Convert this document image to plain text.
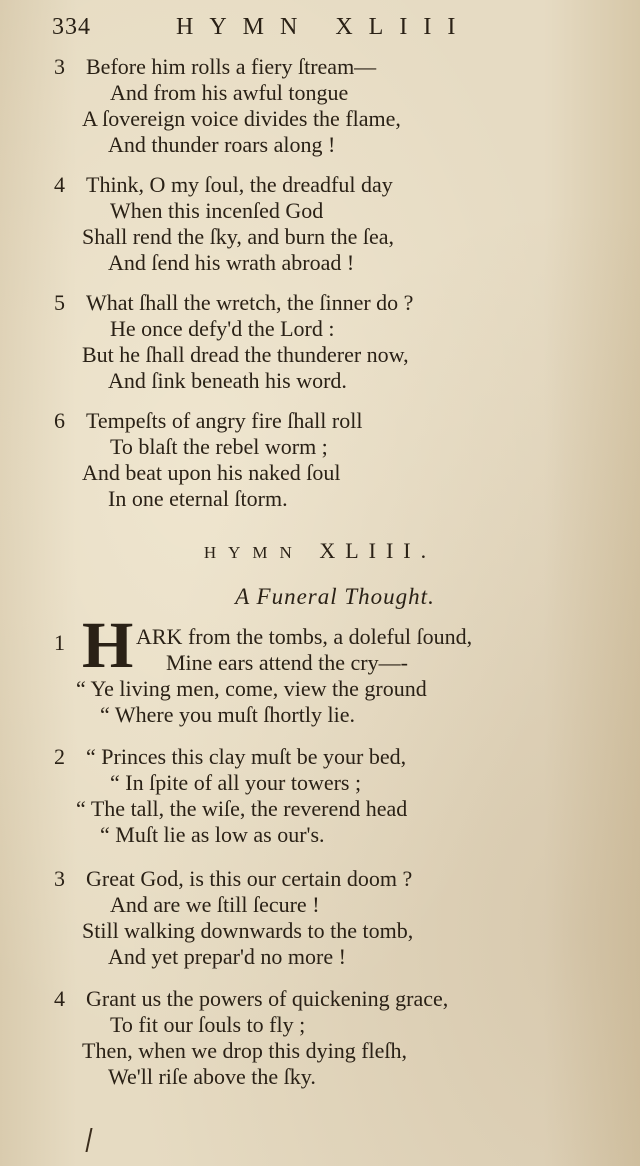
334	HYMN XLIII
3 Before him rolls a fiery ſtream—
And from his awful tongue
A ſovereign voice divides the flame,
And thunder roars along !
4 Think, O my ſoul, the dreadful day
When this incenſed God
Shall rend the ſky, and burn the ſea,
And ſend his wrath abroad !
5 What ſhall the wretch, the ſinner do ?
He once defy'd the Lord :
But he ſhall dread the thunderer now,
And ſink beneath his word.
6 Tempeſts of angry fire ſhall roll
To blaſt the rebel worm ;
And beat upon his naked ſoul
In one eternal ſtorm.
HYMN XLIII.
A Funeral Thought.
1 H ARK from the tombs, a doleful ſound,
Mine ears attend the cry—-
“ Ye living men, come, view the ground
“ Where you muſt ſhortly lie.
2 “ Princes this clay muſt be your bed,
“ In ſpite of all your towers ;
“ The tall, the wiſe, the reverend head
“ Muſt lie as low as our's.
3 Great God, is this our certain doom ?
And are we ſtill ſecure !
Still walking downwards to the tomb,
And yet prepar'd no more !
4 Grant us the powers of quickening grace,
To fit our ſouls to fly ;
Then, when we drop this dying fleſh,
We'll riſe above the ſky.
